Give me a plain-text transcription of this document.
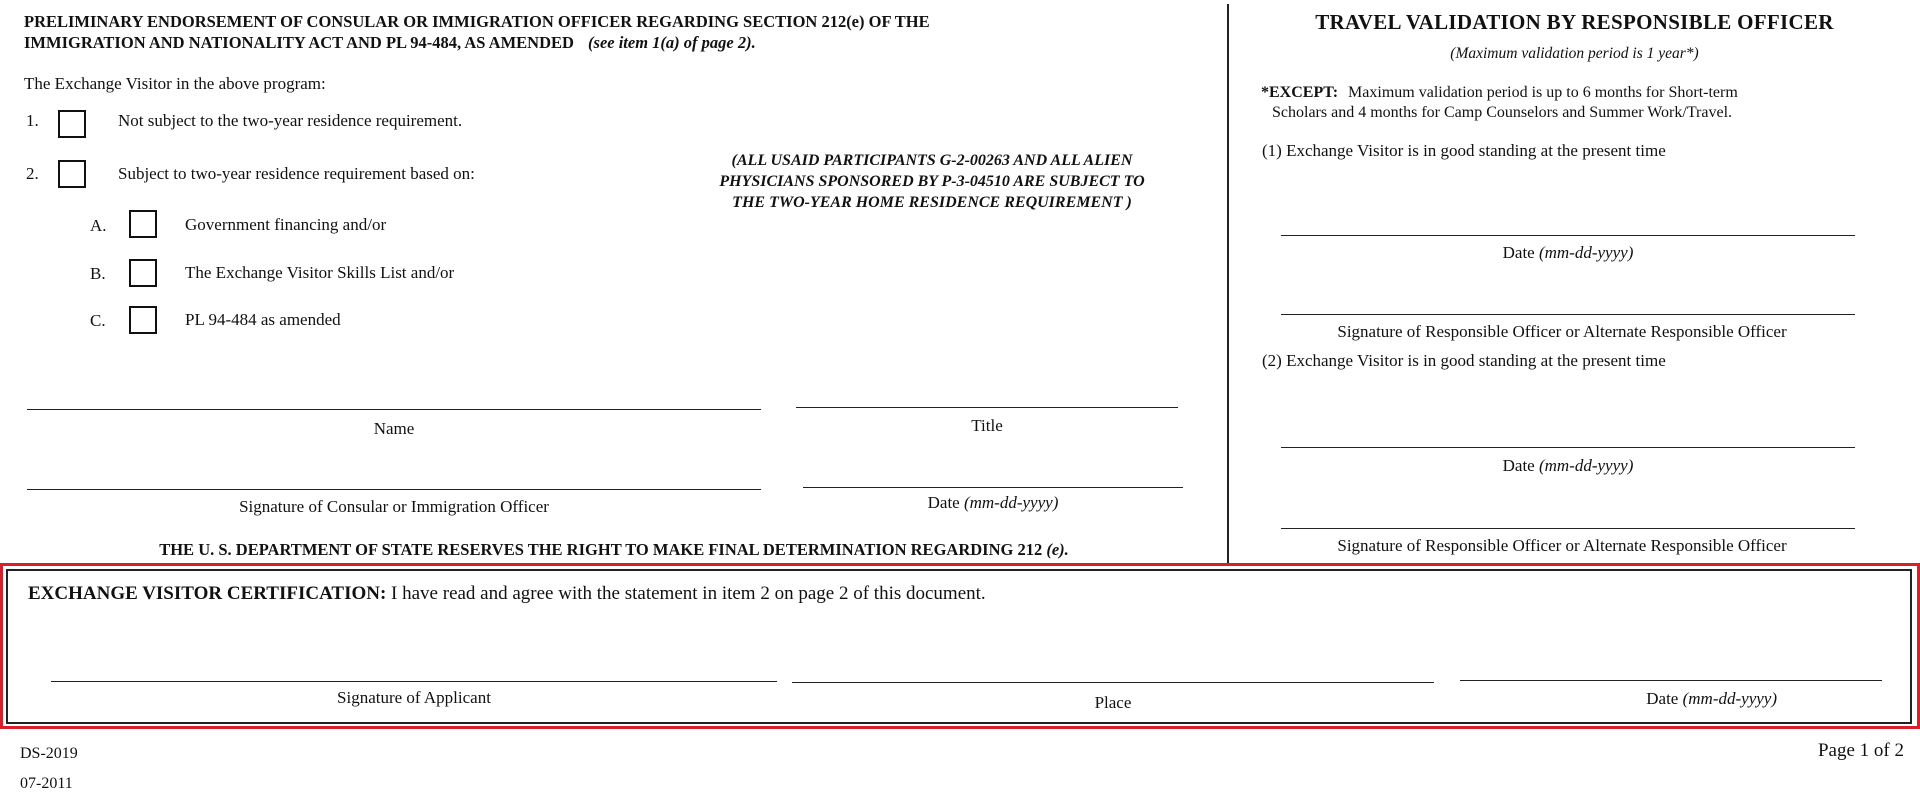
PRELIMINARY ENDORSEMENT OF CONSULAR OR IMMIGRATION OFFICER REGARDING SECTION 212(e) OF THE
IMMIGRATION AND NATIONALITY ACT AND PL 94-484, AS AMENDED (see item 1(a) of page 2).
The Exchange Visitor in the above program:
1.	Not subject to the two-year residence requirement.
2.	Subject to two-year residence requirement based on:
A.	Government financing and/or
B.	The Exchange Visitor Skills List and/or
C.	PL 94-484 as amended
(ALL USAID PARTICIPANTS G-2-00263 AND ALL ALIEN
PHYSICIANS SPONSORED BY P-3-04510 ARE SUBJECT TO
THE TWO-YEAR HOME RESIDENCE REQUIREMENT )
Name	Title
Signature of Consular or Immigration Officer	Date (mm-dd-yyyy)
THE U. S. DEPARTMENT OF STATE RESERVES THE RIGHT TO MAKE FINAL DETERMINATION REGARDING 212 (e).
TRAVEL VALIDATION BY RESPONSIBLE OFFICER
(Maximum validation period is 1 year*)
*EXCEPT: Maximum validation period is up to 6 months for Short-term
Scholars and 4 months for Camp Counselors and Summer Work/Travel.
(1) Exchange Visitor is in good standing at the present time
Date (mm-dd-yyyy)
Signature of Responsible Officer or Alternate Responsible Officer
(2) Exchange Visitor is in good standing at the present time
Date (mm-dd-yyyy)
Signature of Responsible Officer or Alternate Responsible Officer
EXCHANGE VISITOR CERTIFICATION: I have read and agree with the statement in item 2 on page 2 of this document.
Signature of Applicant	Place	Date (mm-dd-yyyy)
DS-2019
07-2011
Page 1 of 2
